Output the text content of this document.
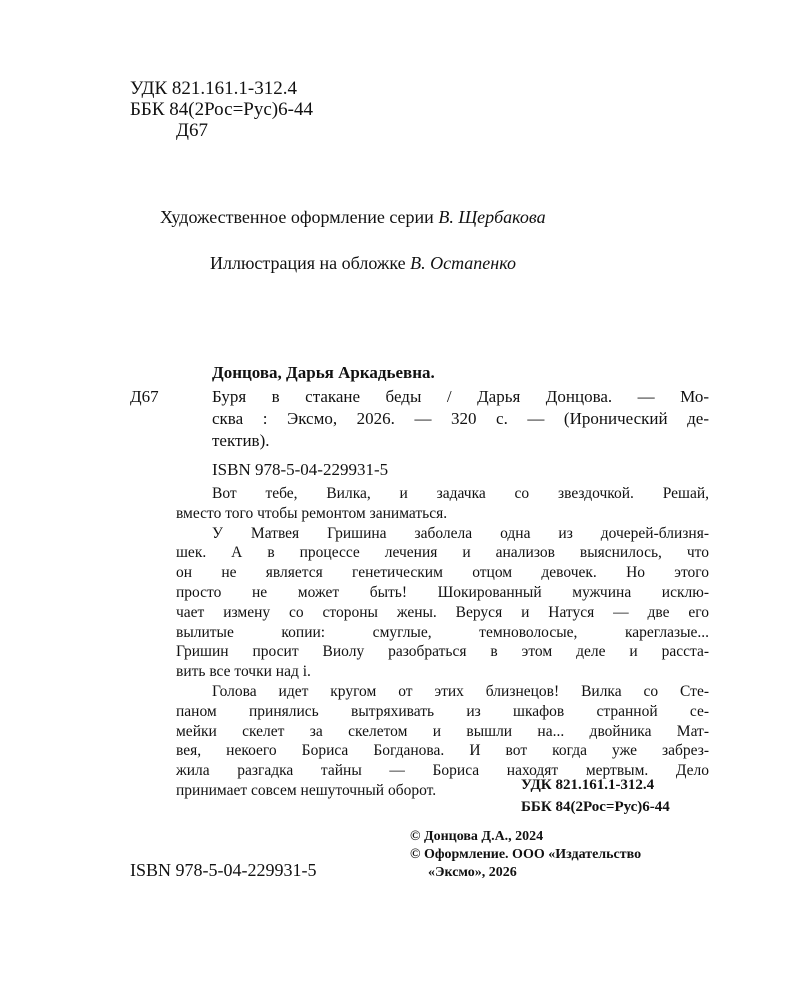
УДК 821.161.1-312.4
ББК 84(2Рос=Рус)6-44
Д67
Художественное оформление серии В. Щербакова
Иллюстрация на обложке В. Остапенко
Донцова, Дарья Аркадьевна.
Д67	Буря в стакане беды / Дарья Донцова. — Мо-
сква : Эксмо, 2026. — 320 с. — (Иронический де-
тектив).
ISBN 978-5-04-229931-5
Вот тебе, Вилка, и задачка со звездочкой. Решай,
вместо того чтобы ремонтом заниматься.
У Матвея Гришина заболела одна из дочерей-близня-
шек. А в процессе лечения и анализов выяснилось, что
он не является генетическим отцом девочек. Но этого
просто не может быть! Шокированный мужчина исклю-
чает измену со стороны жены. Веруся и Натуся — две его
вылитые копии: смуглые, темноволосые, кареглазые...
Гришин просит Виолу разобраться в этом деле и расста-
вить все точки над i.
Голова идет кругом от этих близнецов! Вилка со Сте-
паном принялись вытряхивать из шкафов странной се-
мейки скелет за скелетом и вышли на... двойника Мат-
вея, некоего Бориса Богданова. И вот когда уже забрез-
жила разгадка тайны — Бориса находят мертвым. Дело
принимает совсем нешуточный оборот.	УДК 821.161.1-312.4
ББК 84(2Рос=Рус)6-44
© Донцова Д.А., 2024
© Оформление. ООО «Издательство
«Эксмо», 2026
ISBN 978-5-04-229931-5
